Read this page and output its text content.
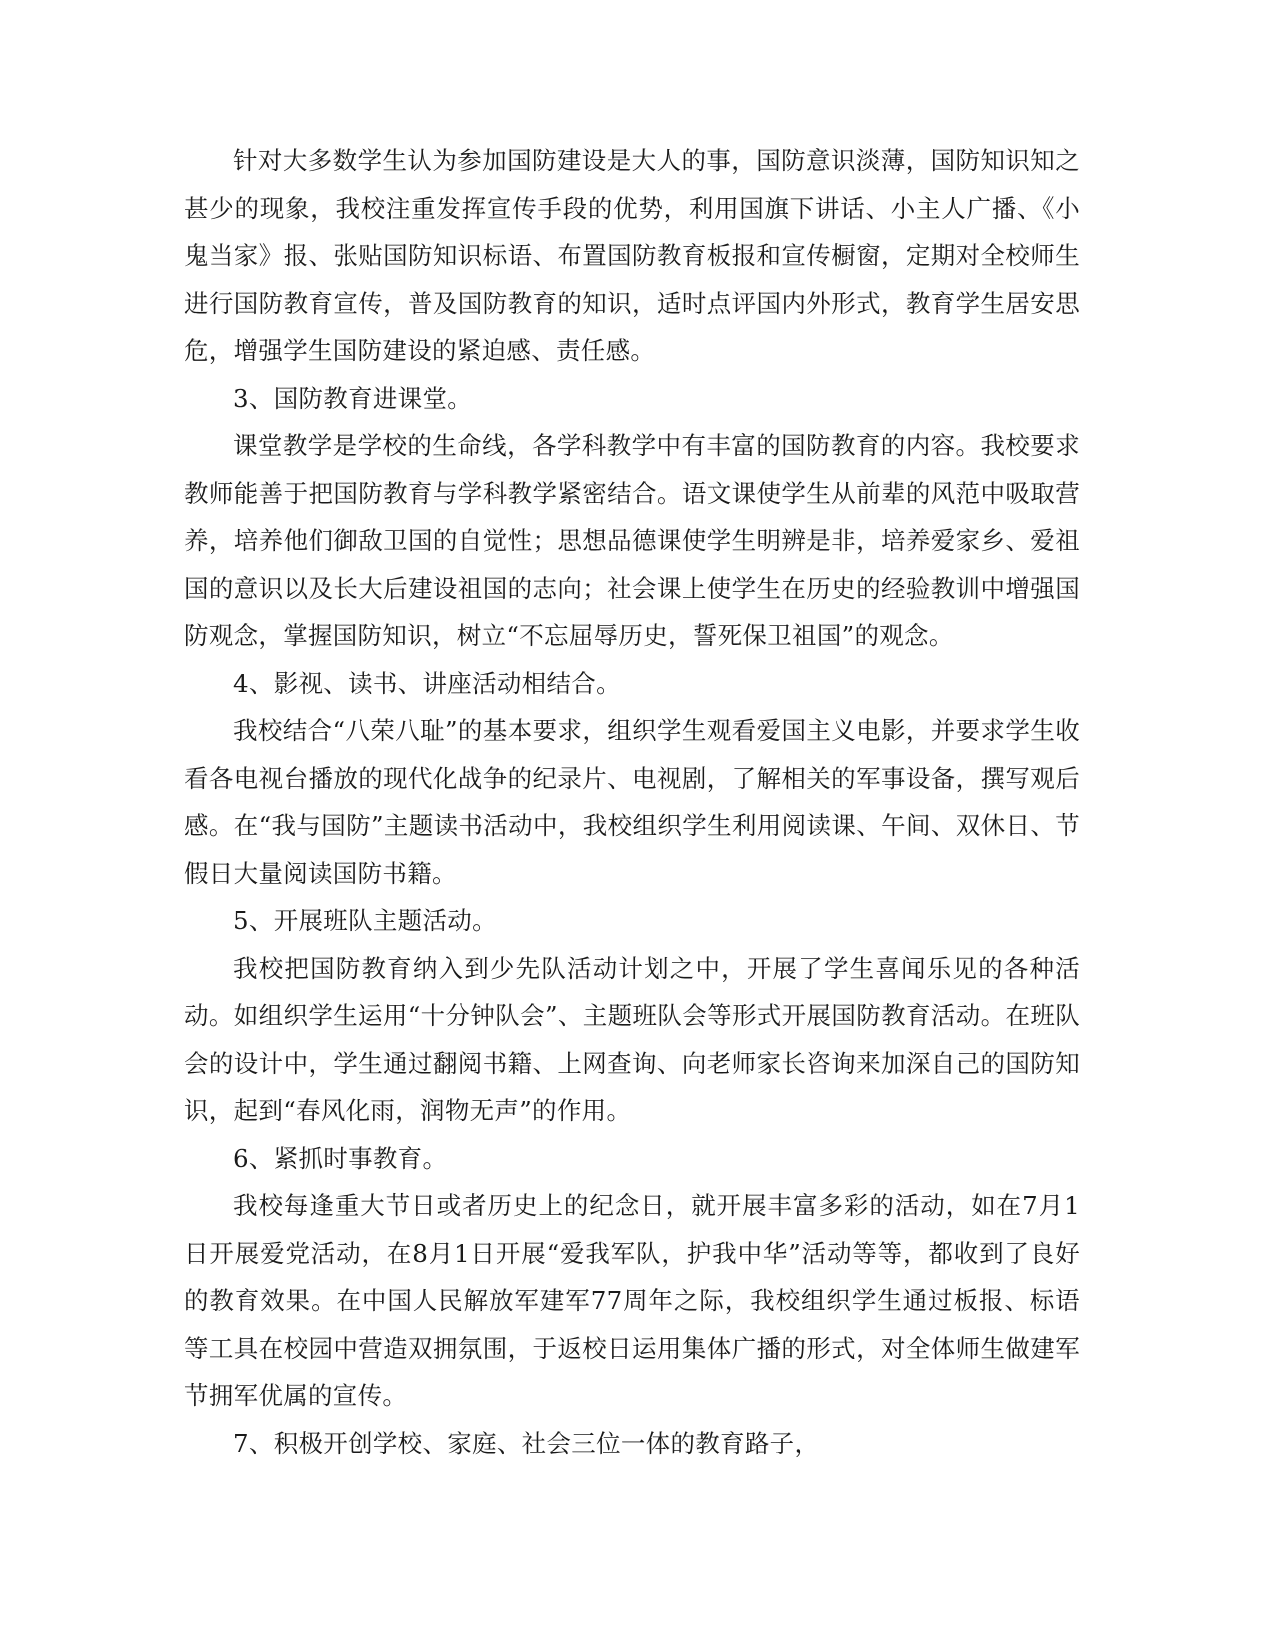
针对大多数学生认为参加国防建设是大人的事，国防意识淡薄，国防知识知之甚少的现象，我校注重发挥宣传手段的优势，利用国旗下讲话、小主人广播、《小鬼当家》报、张贴国防知识标语、布置国防教育板报和宣传橱窗，定期对全校师生进行国防教育宣传，普及国防教育的知识，适时点评国内外形式，教育学生居安思危，增强学生国防建设的紧迫感、责任感。

3、国防教育进课堂。

课堂教学是学校的生命线，各学科教学中有丰富的国防教育的内容。我校要求教师能善于把国防教育与学科教学紧密结合。语文课使学生从前辈的风范中吸取营养，培养他们御敌卫国的自觉性；思想品德课使学生明辨是非，培养爱家乡、爱祖国的意识以及长大后建设祖国的志向；社会课上使学生在历史的经验教训中增强国防观念，掌握国防知识，树立“不忘屈辱历史，誓死保卫祖国”的观念。

4、影视、读书、讲座活动相结合。

我校结合“八荣八耻”的基本要求，组织学生观看爱国主义电影，并要求学生收看各电视台播放的现代化战争的纪录片、电视剧，了解相关的军事设备，撰写观后感。在“我与国防”主题读书活动中，我校组织学生利用阅读课、午间、双休日、节假日大量阅读国防书籍。

5、开展班队主题活动。

我校把国防教育纳入到少先队活动计划之中，开展了学生喜闻乐见的各种活动。如组织学生运用“十分钟队会”、主题班队会等形式开展国防教育活动。在班队会的设计中，学生通过翻阅书籍、上网查询、向老师家长咨询来加深自己的国防知识，起到“春风化雨，润物无声”的作用。

6、紧抓时事教育。

我校每逢重大节日或者历史上的纪念日，就开展丰富多彩的活动，如在7月1日开展爱党活动，在8月1日开展“爱我军队，护我中华”活动等等，都收到了良好的教育效果。在中国人民解放军建军77周年之际，我校组织学生通过板报、标语等工具在校园中营造双拥氛围，于返校日运用集体广播的形式，对全体师生做建军节拥军优属的宣传。

7、积极开创学校、家庭、社会三位一体的教育路子，
